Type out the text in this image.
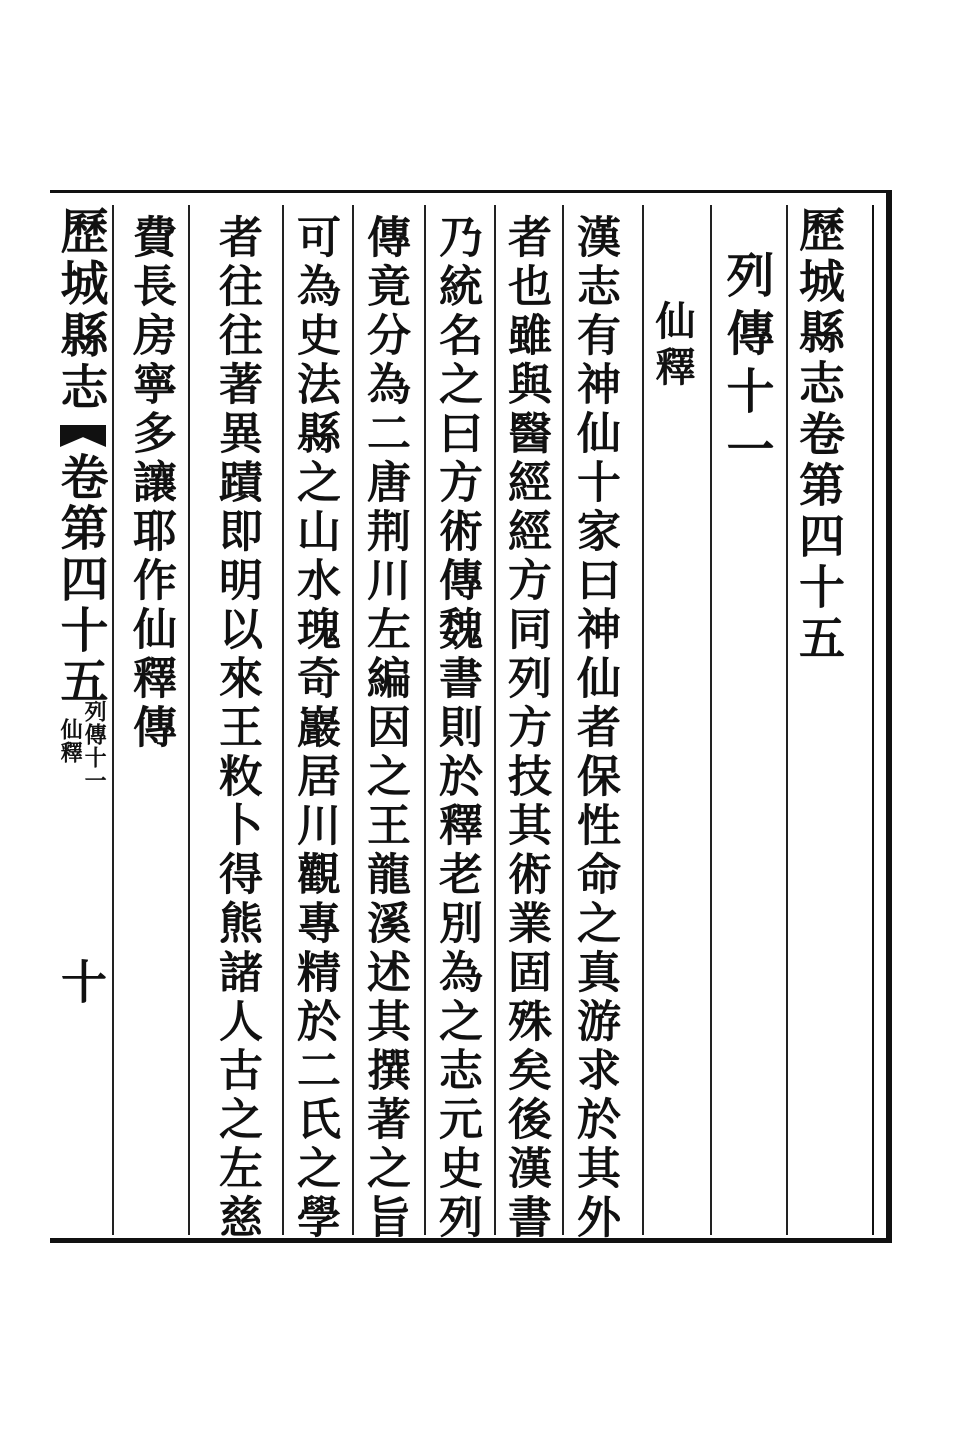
歷城縣志卷第四十五
列傳十一
仙釋
漢志有神仙十家曰神仙者保性命之真游求於其外
者也雖與醫經經方同列方技其術業固殊矣後漢書
乃統名之曰方術傳魏書則於釋老別為之志元史列
傳竟分為二唐荆川左編因之王龍溪述其撰著之旨
可為史法縣之山水瑰奇巖居川觀專精於二氏之學
者往往著異蹟即明以來王敉卜得熊諸人古之左慈
費長房寧多讓耶作仙釋傳
歷城縣志
卷第四十五
列傳十一
仙釋
十
